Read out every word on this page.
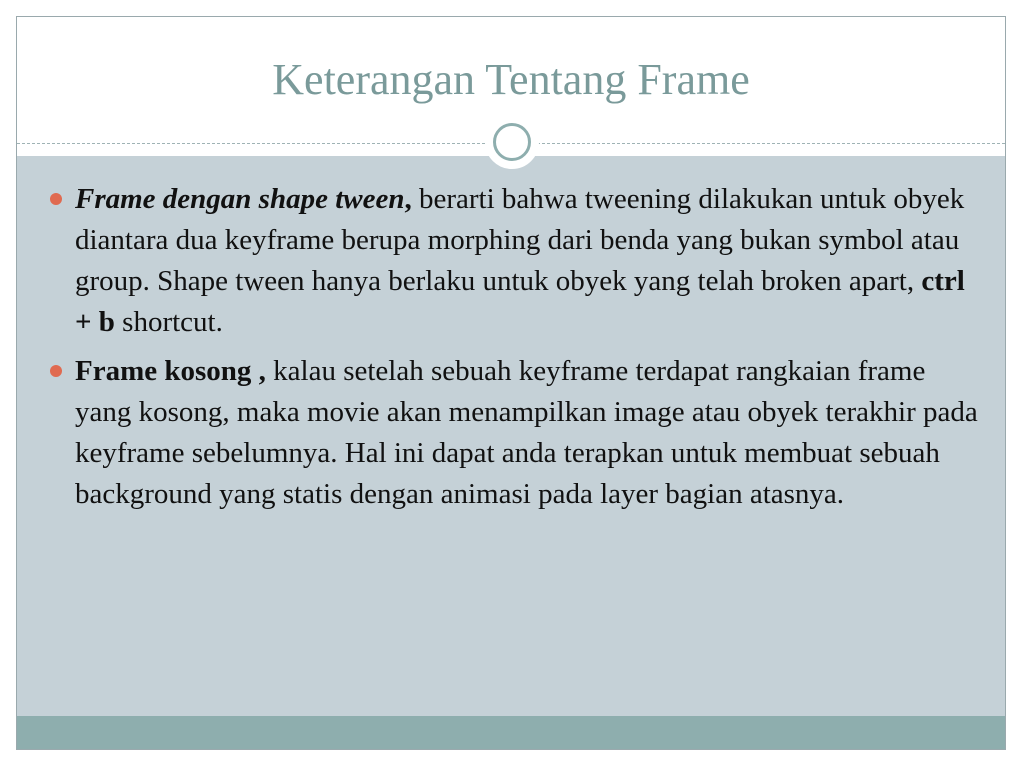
Keterangan Tentang Frame
Frame dengan shape tween, berarti bahwa tweening dilakukan untuk obyek diantara dua keyframe berupa morphing dari benda yang bukan symbol atau group. Shape tween hanya berlaku untuk obyek yang telah broken apart, ctrl + b shortcut.
Frame kosong , kalau setelah sebuah keyframe terdapat rangkaian frame yang kosong, maka movie akan menampilkan image atau obyek terakhir pada keyframe sebelumnya. Hal ini dapat anda terapkan untuk membuat sebuah background yang statis dengan animasi pada layer bagian atasnya.
